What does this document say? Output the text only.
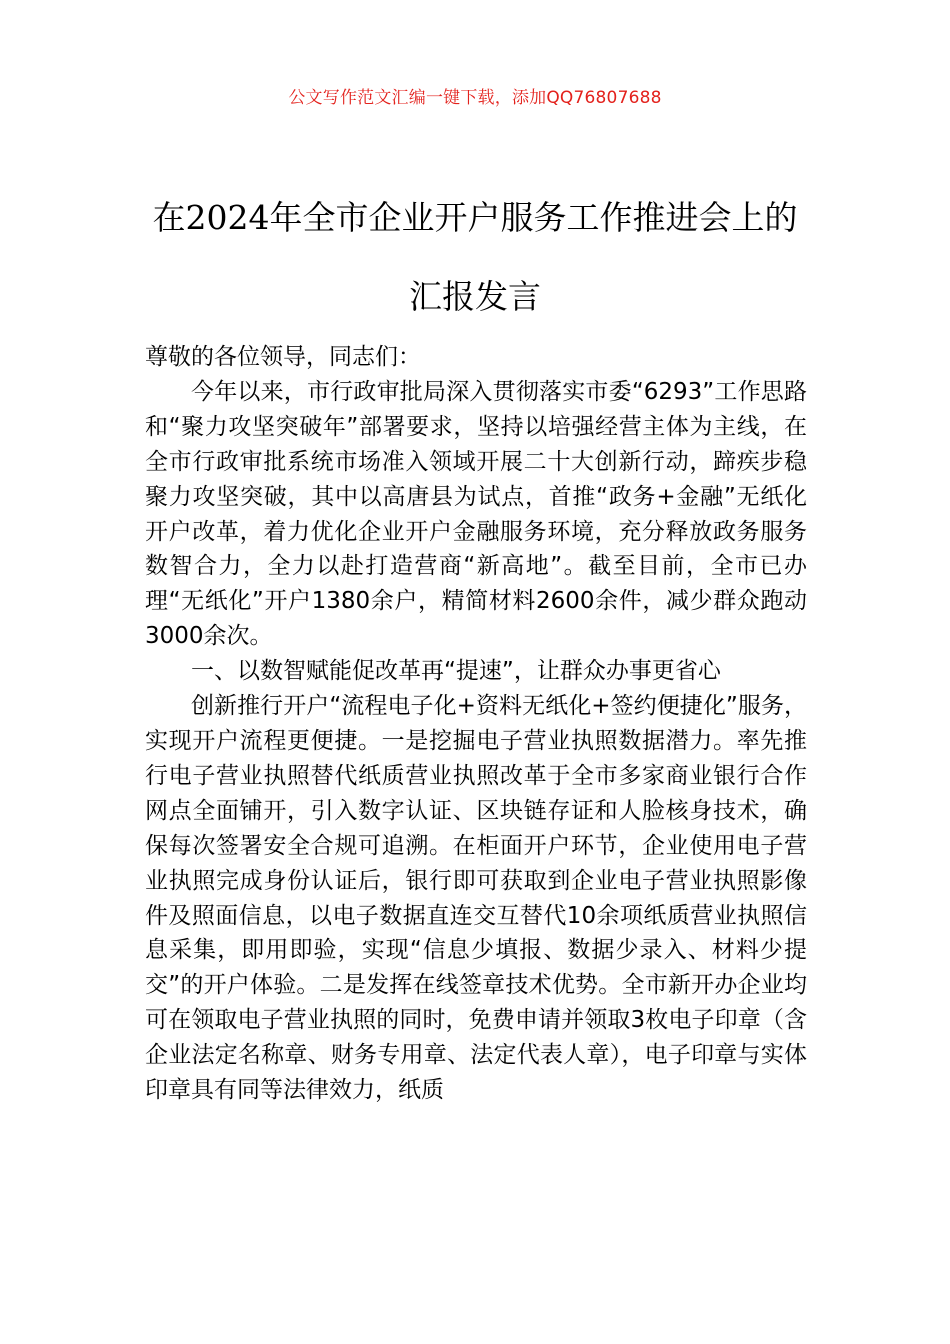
公文写作范文汇编一键下载，添加QQ76807688
在2024年全市企业开户服务工作推进会上的汇报发言

尊敬的各位领导，同志们：

今年以来，市行政审批局深入贯彻落实市委“6293”工作思路和“聚力攻坚突破年”部署要求，坚持以培强经营主体为主线，在全市行政审批系统市场准入领域开展二十大创新行动，蹄疾步稳聚力攻坚突破，其中以高唐县为试点，首推“政务+金融”无纸化开户改革，着力优化企业开户金融服务环境，充分释放政务服务数智合力，全力以赴打造营商“新高地”。截至目前，全市已办理“无纸化”开户1380余户，精简材料2600余件，减少群众跑动3000余次。

一、以数智赋能促改革再“提速”，让群众办事更省心

创新推行开户“流程电子化+资料无纸化+签约便捷化”服务，实现开户流程更便捷。一是挖掘电子营业执照数据潜力。率先推行电子营业执照替代纸质营业执照改革于全市多家商业银行合作网点全面铺开，引入数字认证、区块链存证和人脸核身技术，确保每次签署安全合规可追溯。在柜面开户环节，企业使用电子营业执照完成身份认证后，银行即可获取到企业电子营业执照影像件及照面信息，以电子数据直连交互替代10余项纸质营业执照信息采集，即用即验，实现“信息少填报、数据少录入、材料少提交”的开户体验。二是发挥在线签章技术优势。全市新开办企业均可在领取电子营业执照的同时，免费申请并领取3枚电子印章（含企业法定名称章、财务专用章、法定代表人章），电子印章与实体印章具有同等法律效力，纸质
